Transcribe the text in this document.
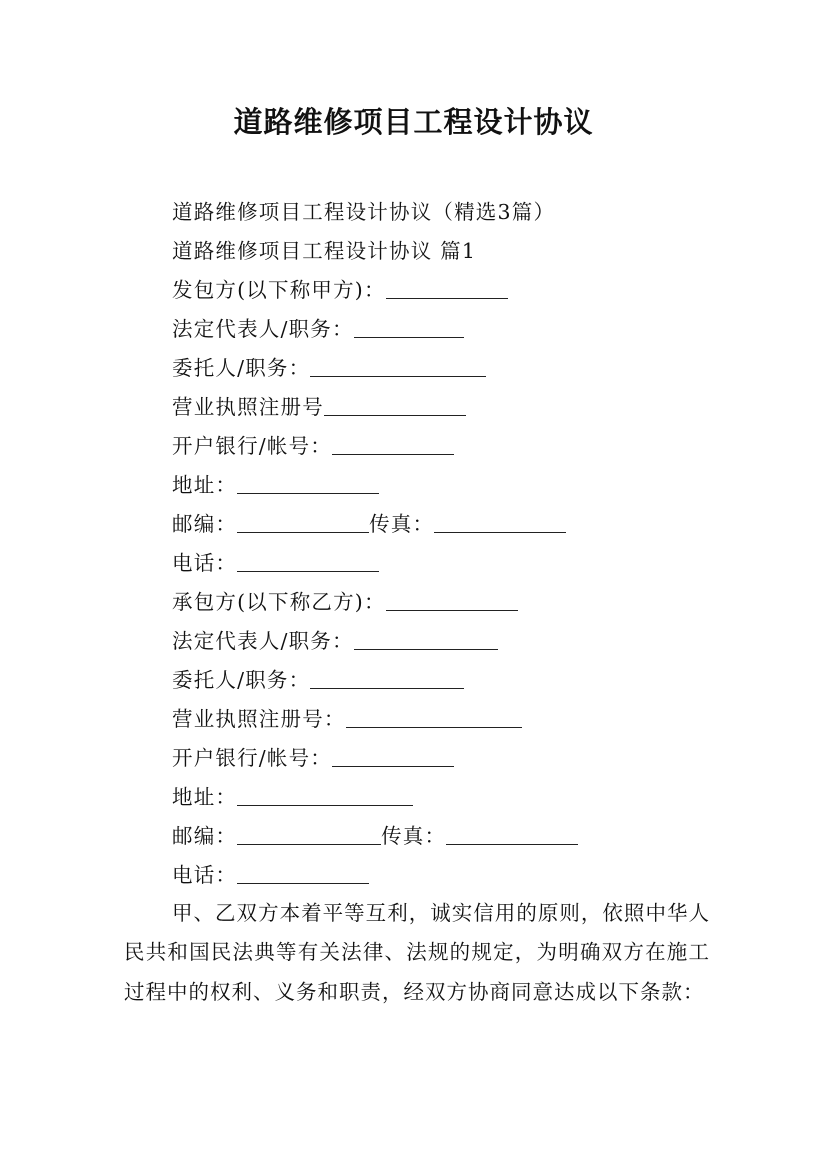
道路维修项目工程设计协议
道路维修项目工程设计协议（精选3篇）
道路维修项目工程设计协议 篇1
发包方(以下称甲方)：
法定代表人/职务：
委托人/职务：
营业执照注册号
开户银行/帐号：
地址：
邮编：	传真：
电话：
承包方(以下称乙方)：
法定代表人/职务：
委托人/职务：
营业执照注册号：
开户银行/帐号：
地址：
邮编：	传真：
电话：
甲、乙双方本着平等互利，诚实信用的原则，依照中华人民共和国民法典等有关法律、法规的规定，为明确双方在施工过程中的权利、义务和职责，经双方协商同意达成以下条款：
